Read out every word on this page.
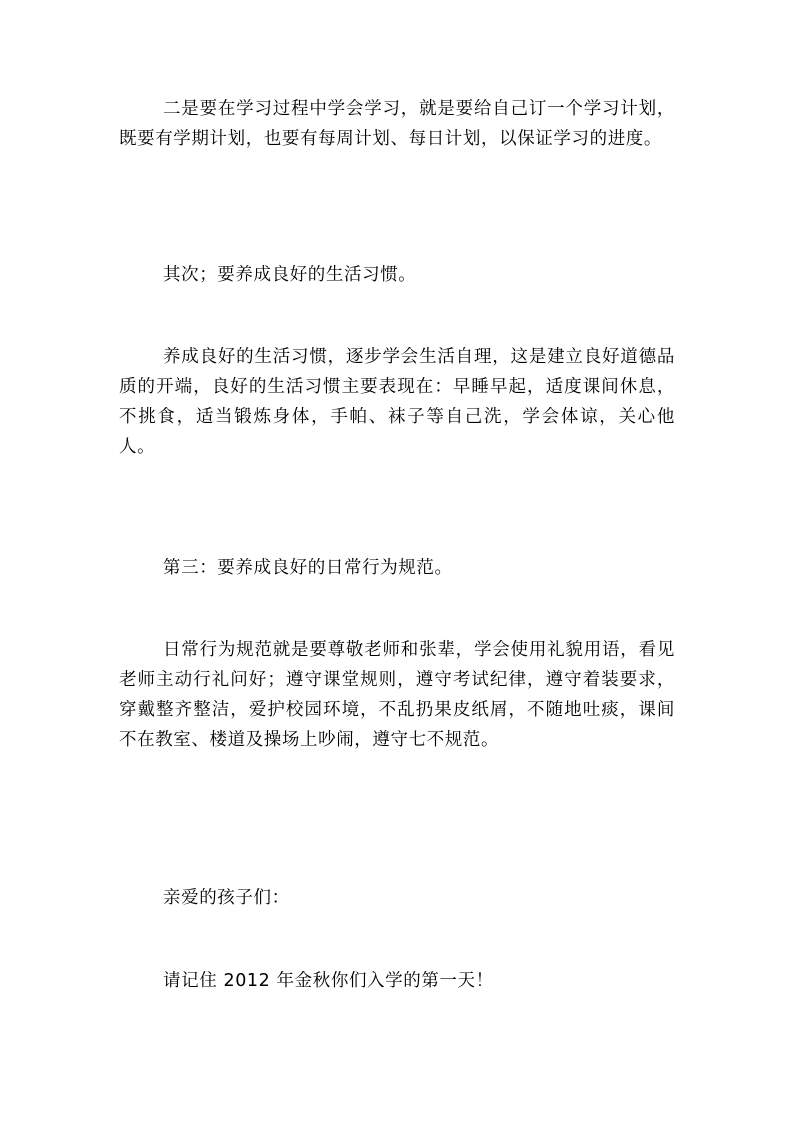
二是要在学习过程中学会学习，就是要给自己订一个学习计划，既要有学期计划，也要有每周计划、每日计划，以保证学习的进度。

其次；要养成良好的生活习惯。

养成良好的生活习惯，逐步学会生活自理，这是建立良好道德品质的开端，良好的生活习惯主要表现在：早睡早起，适度课间休息，不挑食，适当锻炼身体，手帕、袜子等自己洗，学会体谅，关心他人。

第三：要养成良好的日常行为规范。

日常行为规范就是要尊敬老师和张辈，学会使用礼貌用语，看见老师主动行礼问好；遵守课堂规则，遵守考试纪律，遵守着装要求，穿戴整齐整洁，爱护校园环境，不乱扔果皮纸屑，不随地吐痰，课间不在教室、楼道及操场上吵闹，遵守七不规范。

亲爱的孩子们：

请记住 2012 年金秋你们入学的第一天！
